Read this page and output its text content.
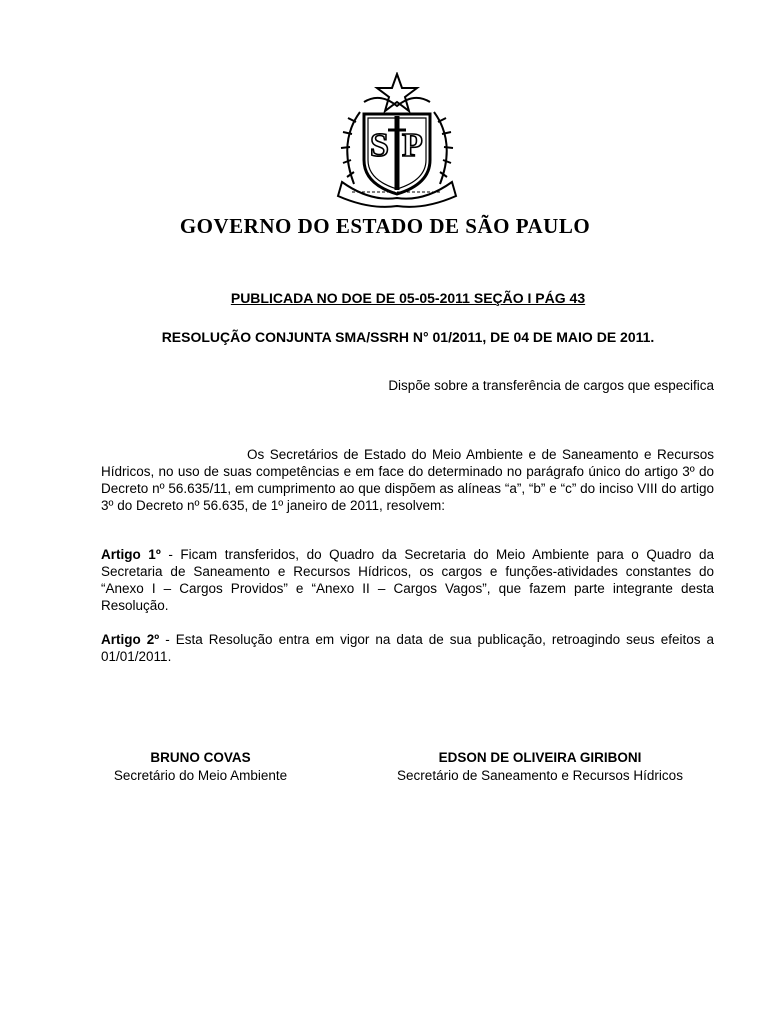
S P
GOVERNO DO ESTADO DE SÃO PAULO
PUBLICADA NO DOE DE 05-05-2011 SEÇÃO I PÁG 43
RESOLUÇÃO CONJUNTA SMA/SSRH N° 01/2011, DE 04 DE MAIO DE 2011.
Dispõe sobre a transferência de cargos que especifica
Os Secretários de Estado do Meio Ambiente e de Saneamento e Recursos Hídricos, no uso de suas competências e em face do determinado no parágrafo único do artigo 3º do Decreto nº 56.635/11, em cumprimento ao que dispõem as alíneas “a”, “b” e “c” do inciso VIII do artigo 3º do Decreto nº 56.635, de 1º janeiro de 2011, resolvem:
Artigo 1º - Ficam transferidos, do Quadro da Secretaria do Meio Ambiente para o Quadro da Secretaria de Saneamento e Recursos Hídricos, os cargos e funções-atividades constantes do “Anexo I – Cargos Providos” e “Anexo II – Cargos Vagos”, que fazem parte integrante desta Resolução.
Artigo 2º - Esta Resolução entra em vigor na data de sua publicação, retroagindo seus efeitos a 01/01/2011.
BRUNO COVAS
Secretário do Meio Ambiente
EDSON DE OLIVEIRA GIRIBONI
Secretário de Saneamento e Recursos Hídricos
